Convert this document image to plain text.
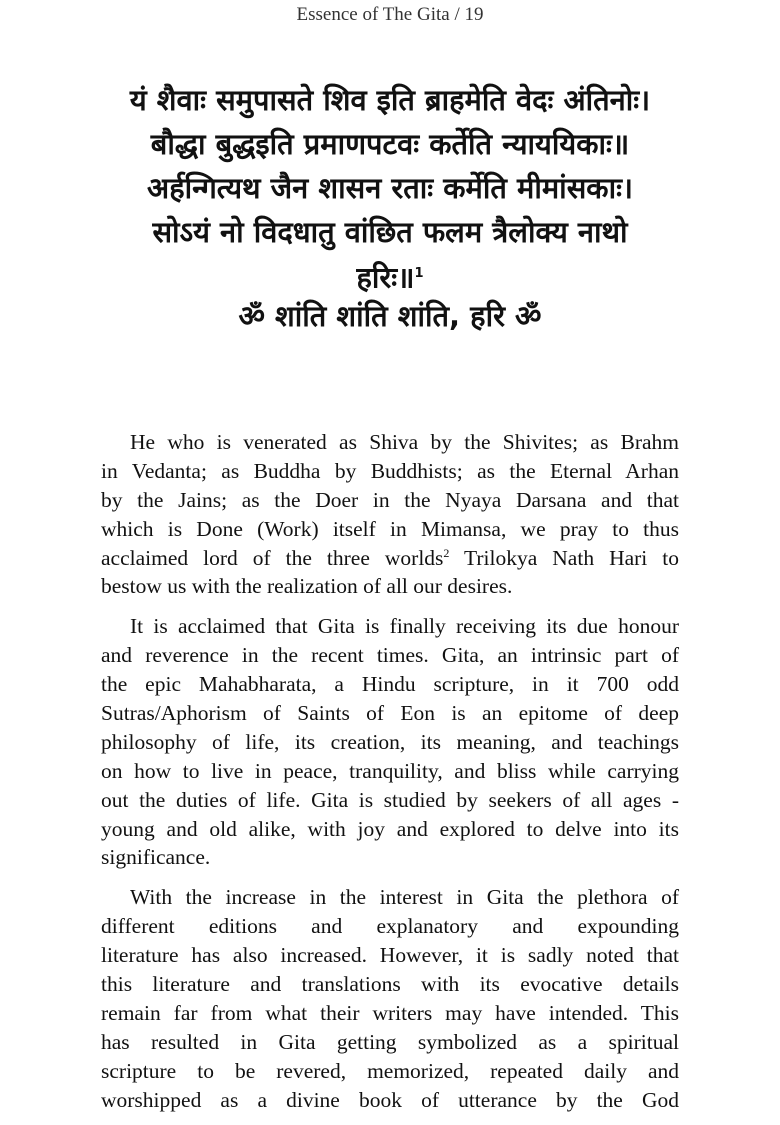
Essence of The Gita / 19
यं शैवाः समुपासते शिव इति ब्राहमेति वेदः अंतिनोः।
बौद्धा बुद्धइति प्रमाणपटवः कर्तेति न्याययिकाः॥
अर्हन्गित्यथ जैन शासन रताः कर्मेति मीमांसकाः।
सोऽयं नो विदधातु वांछित फलम त्रैलोक्य नाथो
हरिः॥$^1$
ॐ शांति शांति शांति, हरि ॐ
He who is venerated as Shiva by the Shivites; as Brahm
in Vedanta; as Buddha by Buddhists; as the Eternal Arhan
by the Jains; as the Doer in the Nyaya Darsana and that
which is Done (Work) itself in Mimansa, we pray to thus
acclaimed lord of the three worlds$^2$ Trilokya Nath Hari to
bestow us with the realization of all our desires.
It is acclaimed that Gita is finally receiving its due honour
and reverence in the recent times. Gita, an intrinsic part of
the epic Mahabharata, a Hindu scripture, in it 700 odd
Sutras/Aphorism of Saints of Eon is an epitome of deep
philosophy of life, its creation, its meaning, and teachings
on how to live in peace, tranquility, and bliss while carrying
out the duties of life. Gita is studied by seekers of all ages -
young and old alike, with joy and explored to delve into its
significance.
With the increase in the interest in Gita the plethora of
different editions and explanatory and expounding
literature has also increased. However, it is sadly noted that
this literature and translations with its evocative details
remain far from what their writers may have intended. This
has resulted in Gita getting symbolized as a spiritual
scripture to be revered, memorized, repeated daily and
worshipped as a divine book of utterance by the God
